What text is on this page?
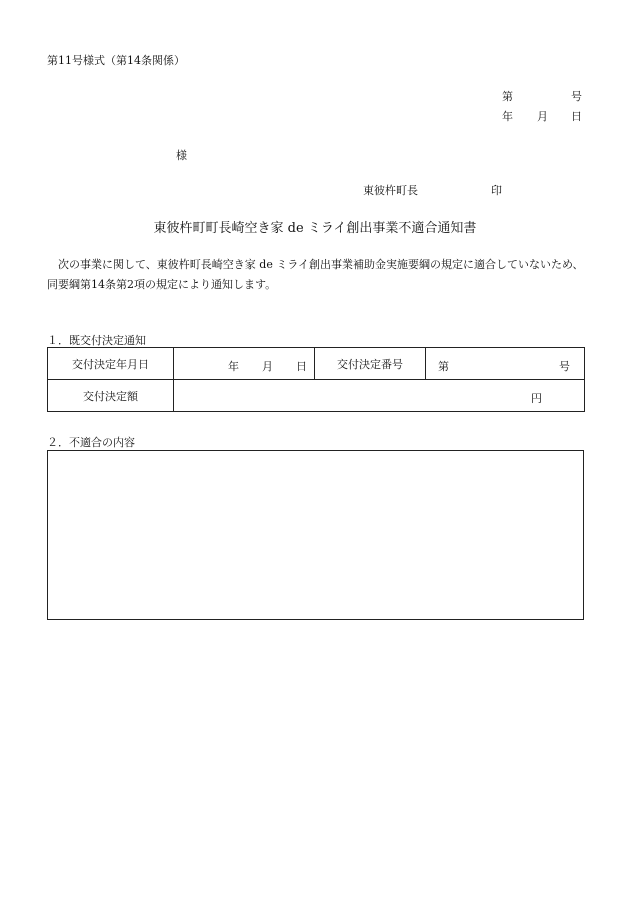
第11号様式（第14条関係）
第	号
年 月 日
様
東彼杵町長	印
東彼杵町町長崎空き家 de ミライ創出事業不適合通知書
次の事業に関して、東彼杵町長崎空き家 de ミライ創出事業補助金実施要綱の規定に適合していないため、同要綱第14条第2項の規定により通知します。
１．既交付決定通知
交付決定年月日	年 月 日	交付決定番号	第 号

交付決定額	円		
２．不適合の内容
